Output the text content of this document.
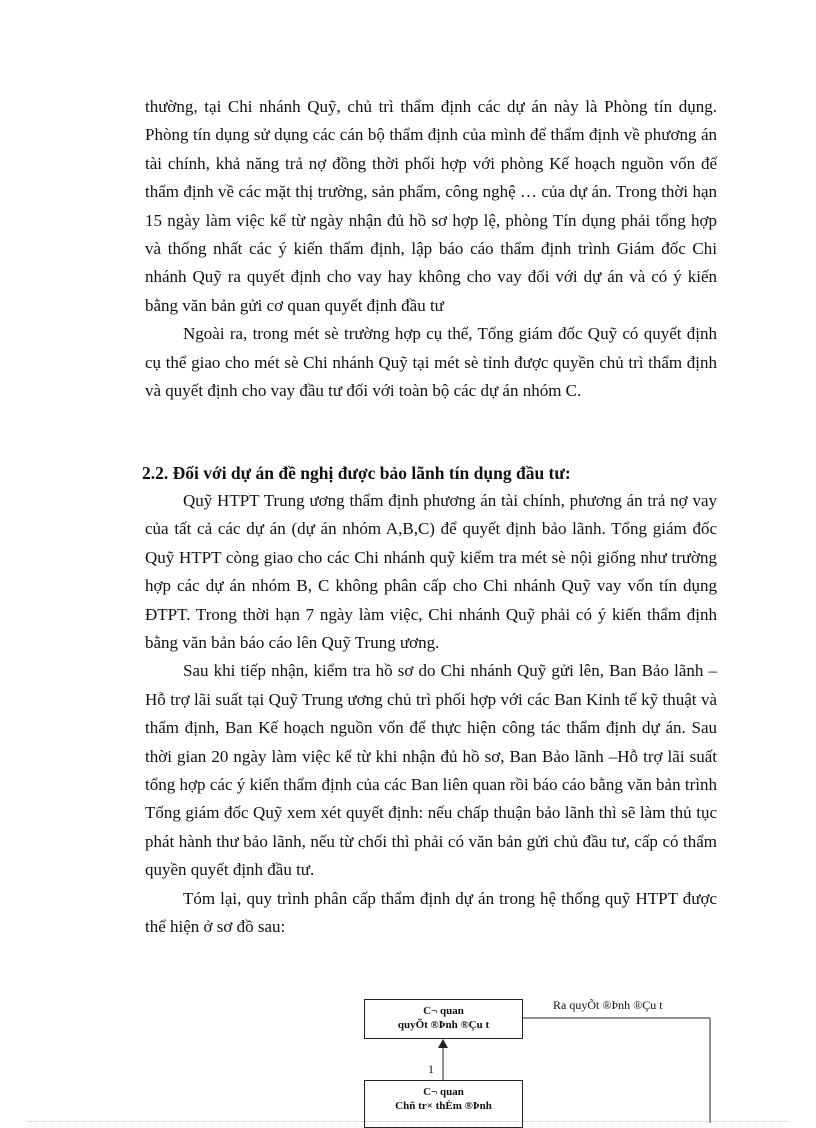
thường, tại Chi nhánh Quỹ, chủ trì thẩm định các dự án này là Phòng tín dụng. Phòng tín dụng sử dụng các cán bộ thẩm định của mình để thẩm định về phương án tài chính, khả năng trả nợ đồng thời phối hợp với phòng Kế hoạch nguồn vốn để thẩm định về các mặt thị trường, sản phẩm, công nghệ … của dự án. Trong thời hạn 15 ngày làm việc kể từ ngày nhận đủ hồ sơ hợp lệ, phòng Tín dụng phải tổng hợp và thống nhất các ý kiến thẩm định, lập báo cáo thẩm định trình Giám đốc Chi nhánh Quỹ ra quyết định cho vay hay không cho vay đối với dự án và có ý kiến bằng văn bản gửi cơ quan quyết định đầu tư

Ngoài ra, trong mét sè trường hợp cụ thể, Tổng giám đốc Quỹ có quyết định cụ thể giao cho mét sè Chi nhánh Quỹ tại mét sè tỉnh được quyền chủ trì thẩm định và quyết định cho vay đầu tư đối với toàn bộ các dự án nhóm C.

2.2. Đối với dự án đề nghị được bảo lãnh tín dụng đầu tư:

Quỹ HTPT Trung ương thẩm định phương án tài chính, phương án trả nợ vay của tất cả các dự án (dự án nhóm A,B,C) để quyết định bảo lãnh. Tổng giám đốc Quỹ HTPT còng giao cho các Chi nhánh quỹ kiểm tra mét sè nội giống như trường hợp các dự án nhóm B, C không phân cấp cho Chi nhánh Quỹ vay vốn tín dụng ĐTPT. Trong thời hạn 7 ngày làm việc, Chi nhánh Quỹ phải có ý kiến thẩm định bằng văn bản báo cáo lên Quỹ Trung ương.

Sau khi tiếp nhận, kiểm tra hồ sơ do Chi nhánh Quỹ gửi lên, Ban Bảo lãnh – Hỗ trợ lãi suất tại Quỹ Trung ương chủ trì phối hợp với các Ban Kinh tế kỹ thuật và thẩm định, Ban Kế hoạch nguồn vốn để thực hiện công tác thẩm định dự án. Sau thời gian 20 ngày làm việc kể từ khi nhận đủ hồ sơ, Ban Bảo lãnh –Hỗ trợ lãi suất tổng hợp các ý kiến thẩm định của các Ban liên quan rồi báo cáo bằng văn bản trình Tổng giám đốc Quỹ xem xét quyết định: nếu chấp thuận bảo lãnh thì sẽ làm thủ tục phát hành thư bảo lãnh, nếu từ chối thì phải có văn bản gửi chủ đầu tư, cấp có thẩm quyền quyết định đầu tư.

Tóm lại, quy trình phân cấp thẩm định dự án trong hệ thống quỹ HTPT được thể hiện ở sơ đồ sau:

C¬ quan
quyÕt ®Þnh ®Çu t
C¬ quan
Chñ tr× thÈm ®Þnh
1
Ra quyÕt ®Þnh ®Çu t
